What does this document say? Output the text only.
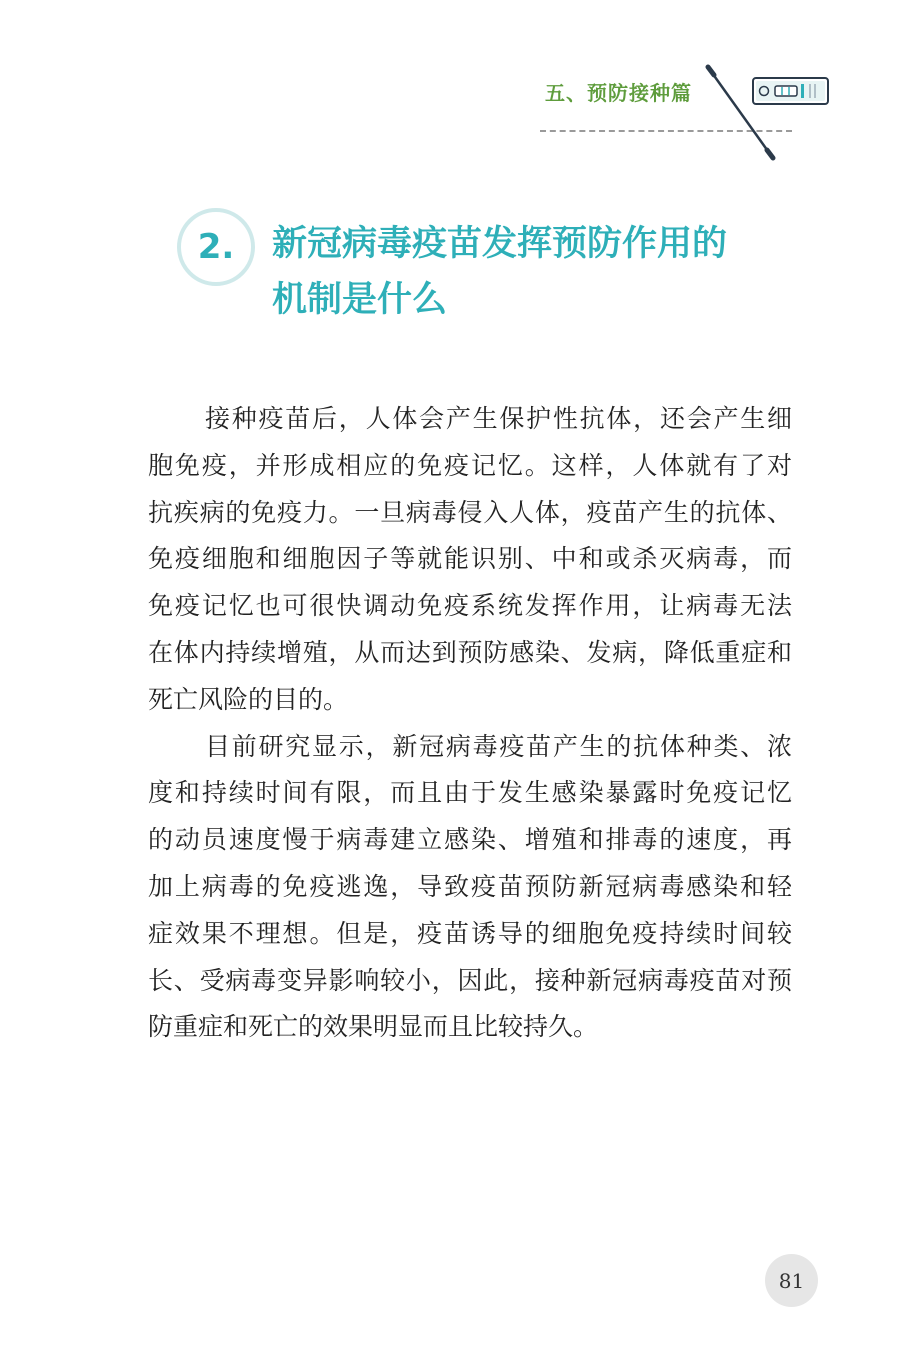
五、预防接种篇
2.	新冠病毒疫苗发挥预防作用的
机制是什么
接种疫苗后，人体会产生保护性抗体，还会产生细
胞免疫，并形成相应的免疫记忆。这样，人体就有了对
抗疾病的免疫力。一旦病毒侵入人体，疫苗产生的抗体、
免疫细胞和细胞因子等就能识别、中和或杀灭病毒，而
免疫记忆也可很快调动免疫系统发挥作用，让病毒无法
在体内持续增殖，从而达到预防感染、发病，降低重症和
死亡风险的目的。
目前研究显示，新冠病毒疫苗产生的抗体种类、浓
度和持续时间有限，而且由于发生感染暴露时免疫记忆
的动员速度慢于病毒建立感染、增殖和排毒的速度，再
加上病毒的免疫逃逸，导致疫苗预防新冠病毒感染和轻
症效果不理想。但是，疫苗诱导的细胞免疫持续时间较
长、受病毒变异影响较小，因此，接种新冠病毒疫苗对预
防重症和死亡的效果明显而且比较持久。
81
